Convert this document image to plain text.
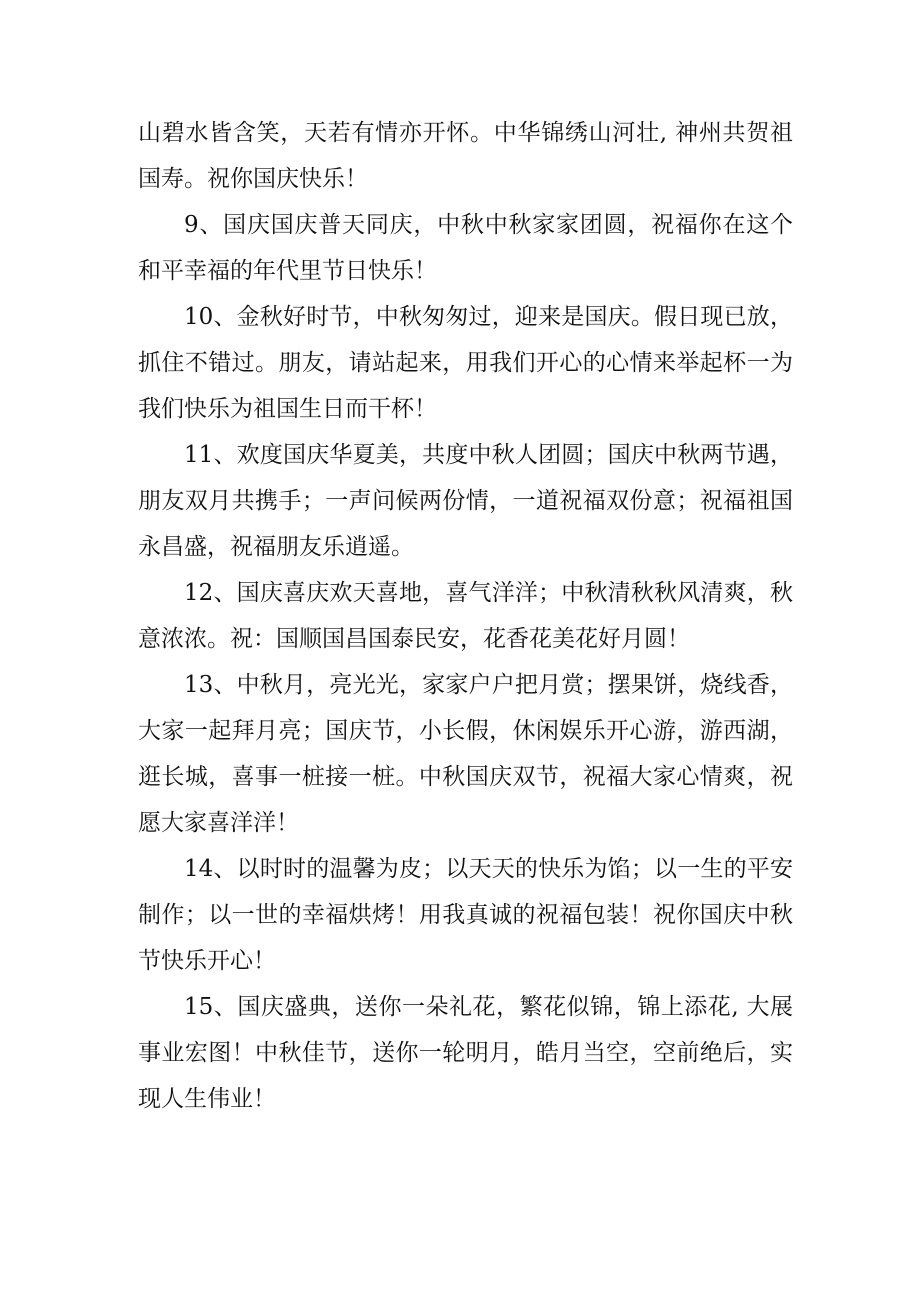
山碧水皆含笑，天若有情亦开怀。中华锦绣山河壮, 神州共贺祖国寿。祝你国庆快乐！

9、国庆国庆普天同庆，中秋中秋家家团圆，祝福你在这个和平幸福的年代里节日快乐！

10、金秋好时节，中秋匆匆过，迎来是国庆。假日现已放，抓住不错过。朋友，请站起来，用我们开心的心情来举起杯一为我们快乐为祖国生日而干杯！

11、欢度国庆华夏美，共度中秋人团圆；国庆中秋两节遇，朋友双月共携手；一声问候两份情，一道祝福双份意；祝福祖国永昌盛，祝福朋友乐逍遥。

12、国庆喜庆欢天喜地，喜气洋洋；中秋清秋秋风清爽，秋意浓浓。祝：国顺国昌国泰民安，花香花美花好月圆！

13、中秋月，亮光光，家家户户把月赏；摆果饼，烧线香，大家一起拜月亮；国庆节，小长假，休闲娱乐开心游，游西湖，逛长城，喜事一桩接一桩。中秋国庆双节，祝福大家心情爽，祝愿大家喜洋洋！

14、以时时的温馨为皮；以天天的快乐为馅；以一生的平安制作；以一世的幸福烘烤！用我真诚的祝福包装！祝你国庆中秋节快乐开心！

15、国庆盛典，送你一朵礼花，繁花似锦，锦上添花, 大展事业宏图！中秋佳节，送你一轮明月，皓月当空，空前绝后，实现人生伟业！
